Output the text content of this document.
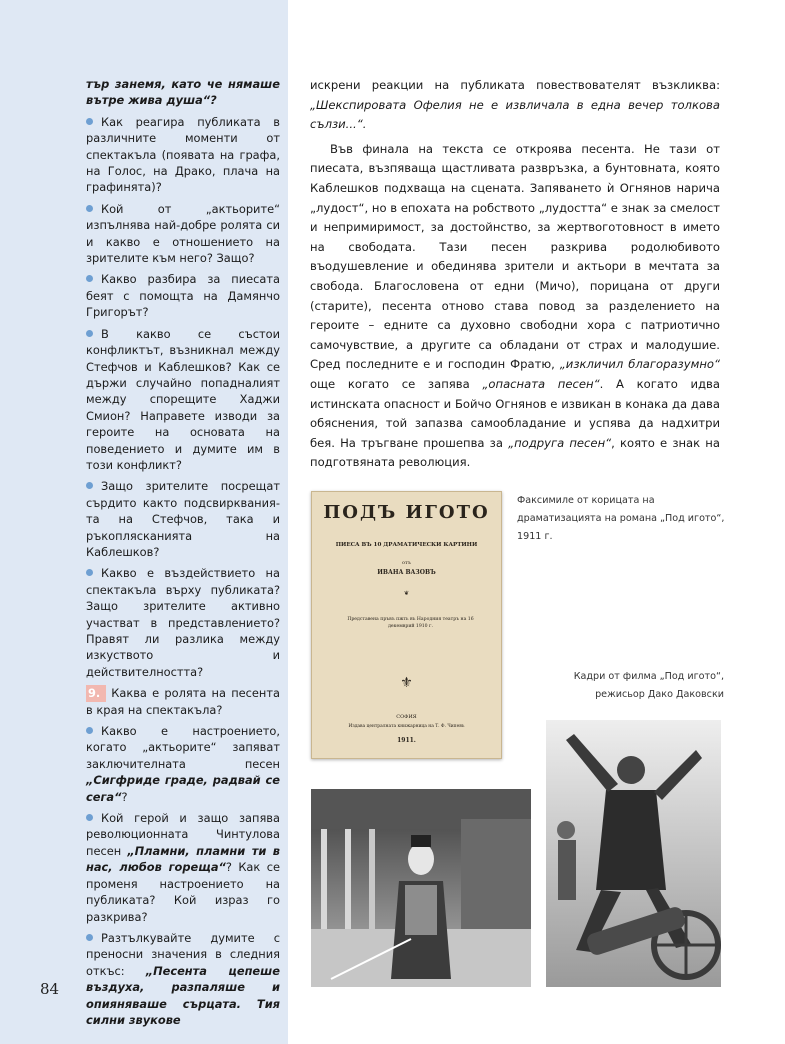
тър занемя, като че нямаше вътре жива душа“?

Как реагира публиката в различните моменти от спектакъла (появата на графа, на Голос, на Драко, плача на графинята)?

Кой от „актьорите“ изпълнява най-добре ролята си и какво е отношението на зрителите към него? Защо?

Какво разбира за пиесата беят с помощта на Дамянчо Григорът?

В какво се състои конфликтът, възникнал между Стефчов и Каблешков? Как се държи случайно попадналият между спорещите Хаджи Смион? Направете изводи за героите на основата на поведението и думите им в този конфликт?

Защо зрителите посрещат сърдито както подсвиркванията на Стефчов, така и ръкоплясканията на Каблешков?

Какво е въздействието на спектакъла върху публиката? Защо зрителите активно участват в представлението? Правят ли разлика между изкуството и действителността?

9. Каква е ролята на песента в края на спектакъла?

Какво е настроението, когато „актьорите“ запяват заключителната песен „Сигфриде граде, радвай се сега“?

Кой герой и защо запява революционната Чинтулова песен „Пламни, пламни ти в нас, любов гореща“? Как се променя настроението на публиката? Кой израз го разкрива?

Разтълкувайте думите с преносни значения в следния откъс: „Песента цепеше въздуха, разпаляше и опияняваше сърцата. Тия силни звукове

84

искрени реакции на публиката повествователят възкликва: „Шекспировата Офелия не е извличала в една вечер толкова сълзи...“.

Във финала на текста се откроява песента. Не тази от пиесата, възпяваща щастливата развръзка, а бунтовната, която Каблешков подхваща на сцената. Запяването ѝ Огнянов нарича „лудост“, но в епохата на робството „лудостта“ е знак за смелост и непримиримост, за достойнство, за жертвоготовност в името на свободата. Тази песен разкрива родолюбивото въодушевление и обединява зрители и актьори в мечтата за свобода. Благословена от едни (Мичо), порицана от други (старите), песента отново става повод за разделението на героите – едните са духовно свободни хора с патриотично самочувствие, а другите са обладани от страх и малодушие. Сред последните е и господин Фратю, „изкличил благоразумно“ още когато се запява „опасната песен“. А когато идва истинската опасност и Бойчо Огнянов е извикан в конака да дава обяснения, той запазва самообладание и успява да надхитри бея. На тръгване прошепва за „подруга песен“, която е знак на подготвяната революция.

ПОДЪ ИГОТО
ПИЕСА ВЪ 10 ДРАМАТИЧЕСКИ КАРТИНИ
отъ
ИВАНА ВАЗОВЪ
❦
Представена пръвъ пжть въ Народния театръ на 16 декемврий 1910 г.
⚜
СОФИЯ
Издава централната книжарница на Т. Ф. Чипевъ
1911.
Факсимиле от корицата на драматизацията на романа „Под игото“, 1911 г.
Кадри от филма „Под игото“, режисьор Дако Даковски
